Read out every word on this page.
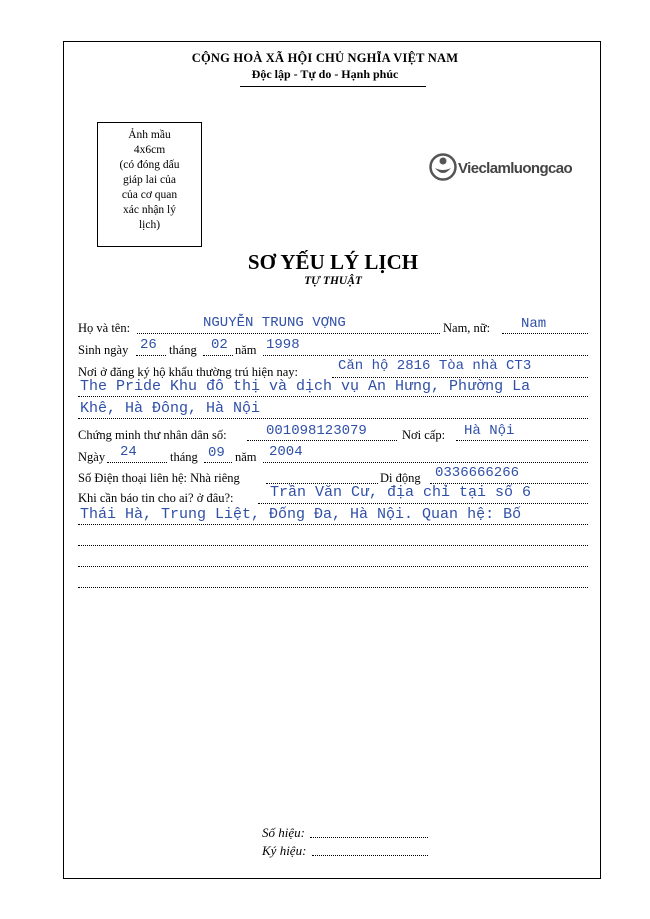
CỘNG HOÀ XÃ HỘI CHỦ NGHĨA VIỆT NAM
Độc lập - Tự do - Hạnh phúc
Ảnh mầu
4x6cm
(có đóng dấu
giáp lai của
của cơ quan
xác nhận lý
lịch)
Vieclamluongcao
SƠ YẾU LÝ LỊCH
TỰ THUẬT
Họ và tên:	NGUYỄN TRUNG VỢNG	Nam, nữ: Nam
Sinh ngày 26 tháng 02 năm 1998
Nơi ở đăng ký hộ khẩu thường trú hiện nay:	Căn hộ 2816 Tòa nhà CT3
The Pride Khu đô thị và dịch vụ An Hưng, Phường La
Khê, Hà Đông, Hà Nội
Chứng minh thư nhân dân số:	001098123079	Nơi cấp: Hà Nội
Ngày 24	tháng 09 năm 2004
Số Điện thoại liên hệ: Nhà riêng	Di động 0336666266
Khi cần báo tin cho ai? ở đâu?: Trần Văn Cư, địa chỉ tại số 6
Thái Hà, Trung Liệt, Đống Đa, Hà Nội. Quan hệ: Bố
Số hiệu:
Ký hiệu:
